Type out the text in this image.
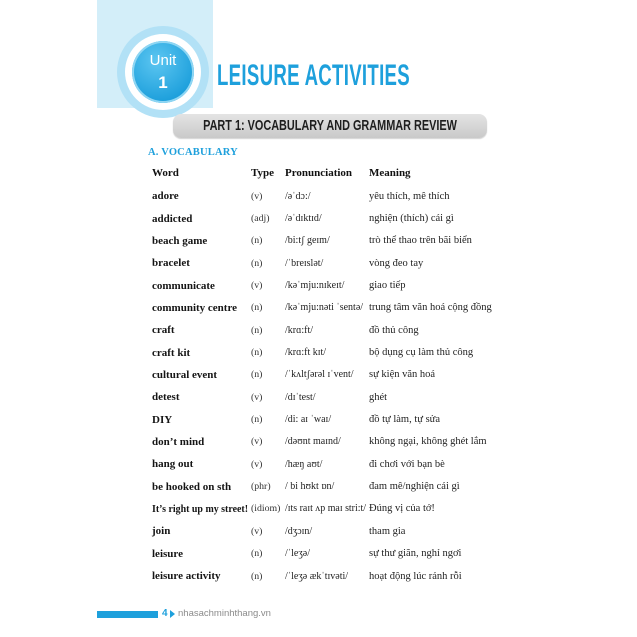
Unit
1 LEISURE ACTIVITIES
PART 1: VOCABULARY AND GRAMMAR REVIEW
A. VOCABULARY
Word	Type Pronunciation	Meaning
adore	(v)	/əˈdɔ:/	yêu thích, mê thích
addicted	(adj)	/əˈdɪktɪd/	nghiện (thích) cái gì
beach game	(n)	/bi:tʃ geɪm/	trò thể thao trên bãi biển
bracelet	(n)	/ˈbreɪslət/	vòng đeo tay
communicate	(v)	/kəˈmju:nɪkeɪt/	giao tiếp
community centre	(n)	/kəˈmju:nəti ˈsentə/ trung tâm văn hoá cộng đồng
craft	(n)	/krɑ:ft/	đồ thủ công
craft kit	(n)	/krɑ:ft kɪt/	bộ dụng cụ làm thủ công
cultural event	(n)	/ˈkʌltʃərəl ɪˈvent/	sự kiện văn hoá
detest	(v)	/dɪˈtest/	ghét
DIY	(n)	/di: aɪ ˈwaɪ/	đồ tự làm, tự sửa
don’t mind	(v)	/dəʊnt maɪnd/	không ngại, không ghét lắm
hang out	(v)	/hæŋ aʊt/	đi chơi với bạn bè
be hooked on sth	(phr)	/ bi hʊkt ɒn/	đam mê/nghiện cái gì
It’s right up my street! (idiom) /ɪts raɪt ʌp maɪ stri:t/ Đúng vị của tớ!
join	(v)	/dʒɔɪn/	tham gia
leisure	(n)	/ˈleʒə/	sự thư giãn, nghỉ ngơi
leisure activity	(n)	/ˈleʒə ækˈtɪvəti/	hoạt động lúc rảnh rỗi
4 nhasachminhthang.vn
